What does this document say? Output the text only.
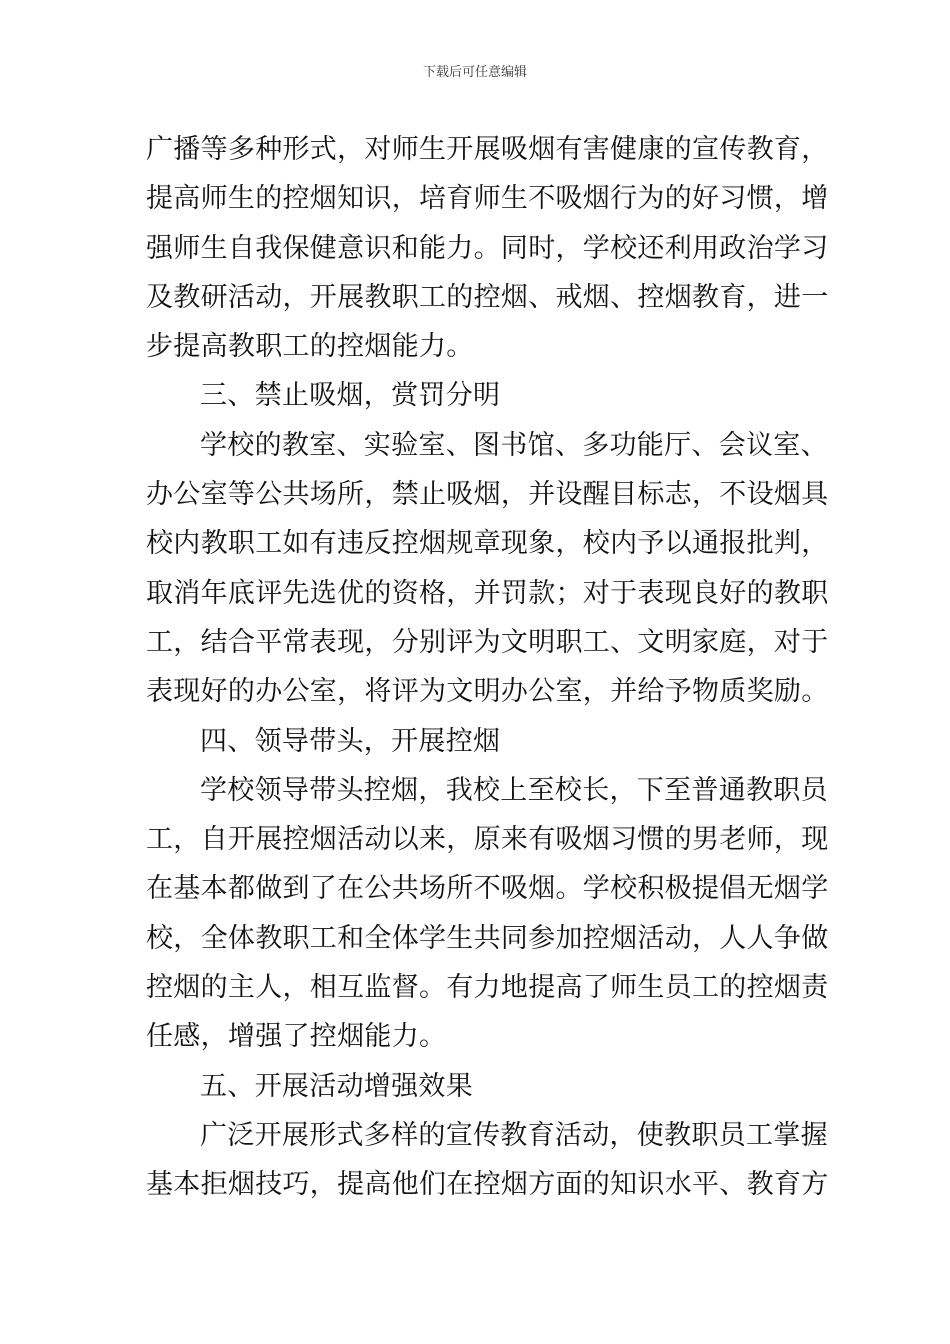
下载后可任意编辑
广播等多种形式，对师生开展吸烟有害健康的宣传教育，
提高师生的控烟知识，培育师生不吸烟行为的好习惯，增
强师生自我保健意识和能力。同时，学校还利用政治学习
及教研活动，开展教职工的控烟、戒烟、控烟教育，进一
步提高教职工的控烟能力。
三、禁止吸烟，赏罚分明
学校的教室、实验室、图书馆、多功能厅、会议室、
办公室等公共场所，禁止吸烟，并设醒目标志，不设烟具
校内教职工如有违反控烟规章现象，校内予以通报批判，
取消年底评先选优的资格，并罚款；对于表现良好的教职
工，结合平常表现，分别评为文明职工、文明家庭，对于
表现好的办公室，将评为文明办公室，并给予物质奖励。
四、领导带头，开展控烟
学校领导带头控烟，我校上至校长，下至普通教职员
工，自开展控烟活动以来，原来有吸烟习惯的男老师，现
在基本都做到了在公共场所不吸烟。学校积极提倡无烟学
校，全体教职工和全体学生共同参加控烟活动，人人争做
控烟的主人，相互监督。有力地提高了师生员工的控烟责
任感，增强了控烟能力。
五、开展活动增强效果
广泛开展形式多样的宣传教育活动，使教职员工掌握
基本拒烟技巧，提高他们在控烟方面的知识水平、教育方
